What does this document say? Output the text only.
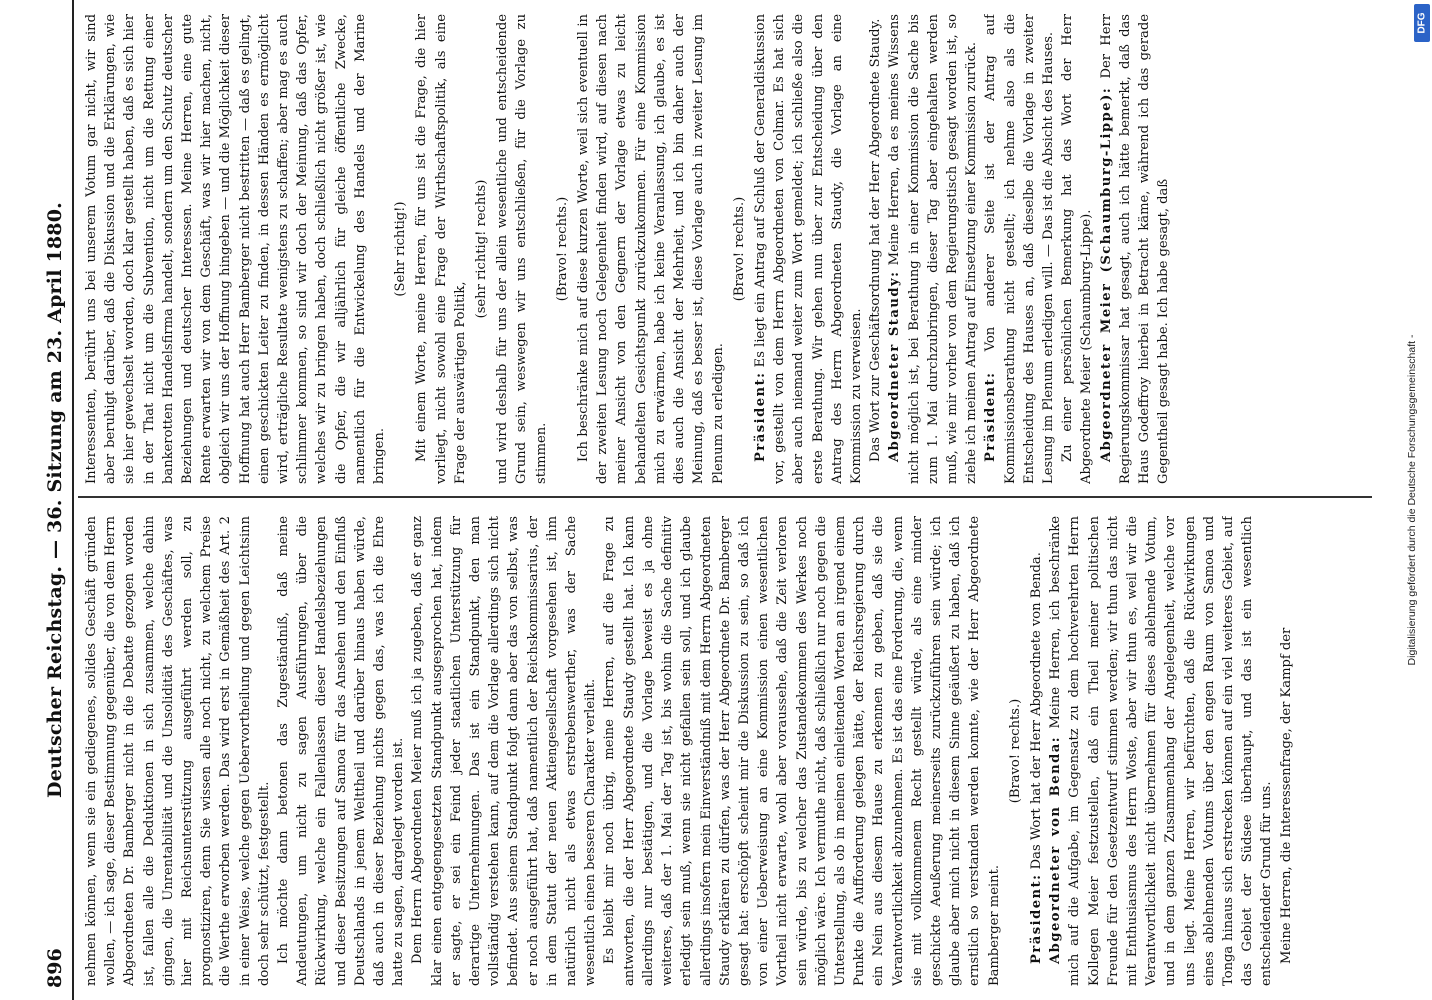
896
Deutscher Reichstag. — 36. Sitzung am 23. April 1880. nehmen können, wenn sie ein gediegenes, solides Geschäft gründen wollen, — ich sage, dieser Bestimmung gegenüber, die von dem Herrn Abgeordneten Dr. Bamberger nicht in die Debatte gezogen worden ist, fallen alle die Deduktionen in sich zusammen, welche dahin gingen, die Unrentabilität und die Unsolidität des Geschäftes, was hier mit Reichsunterstützung ausgeführt werden soll, zu prognostiziren, denn Sie wissen alle noch nicht, zu welchem Preise die Werthe erworben werden. Das wird erst in Gemäßheit des Art. 2 in einer Weise, welche gegen Uebervortheilung und gegen Leichtsinn doch sehr schützt, festgestellt. Ich möchte dann betonen das Zugeständniß, daß meine Andeutungen, um nicht zu sagen Ausführungen, über die Rückwirkung, welche ein Fallenlassen dieser Handelsbeziehungen und dieser Besitzungen auf Samoa für das Ansehen und den Einfluß Deutschlands in jenem Welttheil und darüber hinaus haben würde, daß auch in dieser Beziehung nichts gegen das, was ich die Ehre hatte zu sagen, dargelegt worden ist. Dem Herrn Abgeordneten Meier muß ich ja zugeben, daß er ganz klar einen entgegengesetzten Standpunkt ausgesprochen hat, indem er sagte, er sei ein Feind jeder staatlichen Unterstützung für derartige Unternehmungen. Das ist ein Standpunkt, den man vollständig verstehen kann, auf dem die Vorlage allerdings sich nicht befindet. Aus seinem Standpunkt folgt dann aber das von selbst, was er noch ausgeführt hat, daß namentlich der Reichskommissarius, der in dem Statut der neuen Aktiengesellschaft vorgesehen ist, ihm natürlich nicht als etwas erstrebenswerther, was der Sache wesentlich einen besseren Charakter verleiht. Es bleibt mir noch übrig, meine Herren, auf die Frage zu antworten, die der Herr Abgeordnete Staudy gestellt hat. Ich kann allerdings nur bestätigen, und die Vorlage beweist es ja ohne weiteres, daß der 1. Mai der Tag ist, bis wohin die Sache definitiv erledigt sein muß, wenn sie nicht gefallen sein soll, und ich glaube allerdings insofern mein Einverständniß mit dem Herrn Abgeordneten Staudy erklären zu dürfen, was der Herr Abgeordnete Dr. Bamberger gesagt hat: erschöpft scheint mir die Diskussion zu sein, so daß ich von einer Ueberweisung an eine Kommission einen wesentlichen Vortheil nicht erwarte, wohl aber voraussehe, daß die Zeit verloren sein würde, bis zu welcher das Zustandekommen des Werkes noch möglich wäre. Ich vermuthe nicht, daß schließlich nur noch gegen die Unterstellung, als ob in meinen einleitenden Worten an irgend einem Punkte die Aufforderung gelegen hätte, der Reichsregierung durch ein Nein aus diesem Hause zu erkennen zu geben, daß sie die Verantwortlichkeit abzunehmen. Es ist das eine Forderung, die, wenn sie mit vollkommenem Recht gestellt würde, als eine minder geschickte Aeußerung meinerseits zurückzuführen sein würde; ich glaube aber mich nicht in diesem Sinne geäußert zu haben, daß ich ernstlich so verstanden werden konnte, wie der Herr Abgeordnete Bamberger meint.

(Bravo! rechts.)

Präsident: Das Wort hat der Herr Abgeordnete von Benda. Abgeordneter von Benda: Meine Herren, ich beschränke mich auf die Aufgabe, im Gegensatz zu dem hochverehrten Herrn Kollegen Meier festzustellen, daß ein Theil meiner politischen Freunde für den Gesetzentwurf stimmen werden; wir thun das nicht mit Enthusiasmus des Herrn Woste, aber wir thun es, weil wir die Verantwortlichkeit nicht übernehmen für dieses ablehnende Votum, und in dem ganzen Zusammenhang der Angelegenheit, welche vor uns liegt. Meine Herren, wir befürchten, daß die Rückwirkungen eines ablehnenden Votums über den engen Raum von Samoa und Tonga hinaus sich erstrecken können auf ein viel weiteres Gebiet, auf das Gebiet der Südsee überhaupt, und das ist ein wesentlich entscheidender Grund für uns. Meine Herren, die Interessenfrage, der Kampf der

Interessenten, berührt uns bei unserem Votum gar nicht, wir sind aber beruhigt darüber, daß die Diskussion und die Erklärungen, wie sie hier gewechselt worden, doch klar gestellt haben, daß es sich hier in der That nicht um die Subvention, nicht um die Rettung einer bankerotten Handelsfirma handelt, sondern um den Schutz deutscher Beziehungen und deutscher Interessen. Meine Herren, eine gute Rente erwarten wir von dem Geschäft, was wir hier machen, nicht, obgleich wir uns der Hoffnung hingeben — und die Möglichkeit dieser Hoffnung hat auch Herr Bamberger nicht bestritten — daß es gelingt, einen geschickten Leiter zu finden, in dessen Händen es ermöglicht wird, erträgliche Resultate wenigstens zu schaffen; aber mag es auch schlimmer kommen, so sind wir doch der Meinung, daß das Opfer, welches wir zu bringen haben, doch schließlich nicht größer ist, wie die Opfer, die wir alljährlich für gleiche öffentliche Zwecke, namentlich für die Entwickelung des Handels und der Marine bringen.

(Sehr richtig!) Mit einem Worte, meine Herren, für uns ist die Frage, die hier vorliegt, nicht sowohl eine Frage der Wirthschaftspolitik, als eine Frage der auswärtigen Politik,

(sehr richtig! rechts) und wird deshalb für uns der allein wesentliche und entscheidende Grund sein, weswegen wir uns entschließen, für die Vorlage zu stimmen.

(Bravo! rechts.) Ich beschränke mich auf diese kurzen Worte, weil sich eventuell in der zweiten Lesung noch Gelegenheit finden wird, auf diesen nach meiner Ansicht von den Gegnern der Vorlage etwas zu leicht behandelten Gesichtspunkt zurückzukommen. Für eine Kommission mich zu erwärmen, habe ich keine Veranlassung, ich glaube, es ist dies auch die Ansicht der Mehrheit, und ich bin daher auch der Meinung, daß es besser ist, diese Vorlage auch in zweiter Lesung im Plenum zu erledigen.

(Bravo! rechts.)

Präsident: Es liegt ein Antrag auf Schluß der Generaldiskussion vor, gestellt von dem Herrn Abgeordneten von Colmar. Es hat sich aber auch niemand weiter zum Wort gemeldet; ich schließe also die erste Berathung. Wir gehen nun über zur Entscheidung über den Antrag des Herrn Abgeordneten Staudy, die Vorlage an eine Kommission zu verweisen. Das Wort zur Geschäftsordnung hat der Herr Abgeordnete Staudy. Abgeordneter Staudy: Meine Herren, da es meines Wissens nicht möglich ist, bei Berathung in einer Kommission die Sache bis zum 1. Mai durchzubringen, dieser Tag aber eingehalten werden muß, wie mir vorher von dem Regierungstisch gesagt worden ist, so ziehe ich meinen Antrag auf Einsetzung einer Kommission zurück. Präsident: Von anderer Seite ist der Antrag auf Kommissionsberathung nicht gestellt; ich nehme also als die Entscheidung des Hauses an, daß dieselbe die Vorlage in zweiter Lesung im Plenum erledigen will. — Das ist die Absicht des Hauses. Zu einer persönlichen Bemerkung hat das Wort der Herr Abgeordnete Meier (Schaumburg-Lippe). Abgeordneter Meier (Schaumburg-Lippe): Der Herr Regierungskommissar hat gesagt, auch ich hätte bemerkt, daß das Haus Godeffroy hierbei in Betracht käme, während ich das gerade Gegentheil gesagt habe. Ich habe gesagt, daß

Digitalisierung gefördert durch die Deutsche Forschungsgemeinschaft -
DFG
